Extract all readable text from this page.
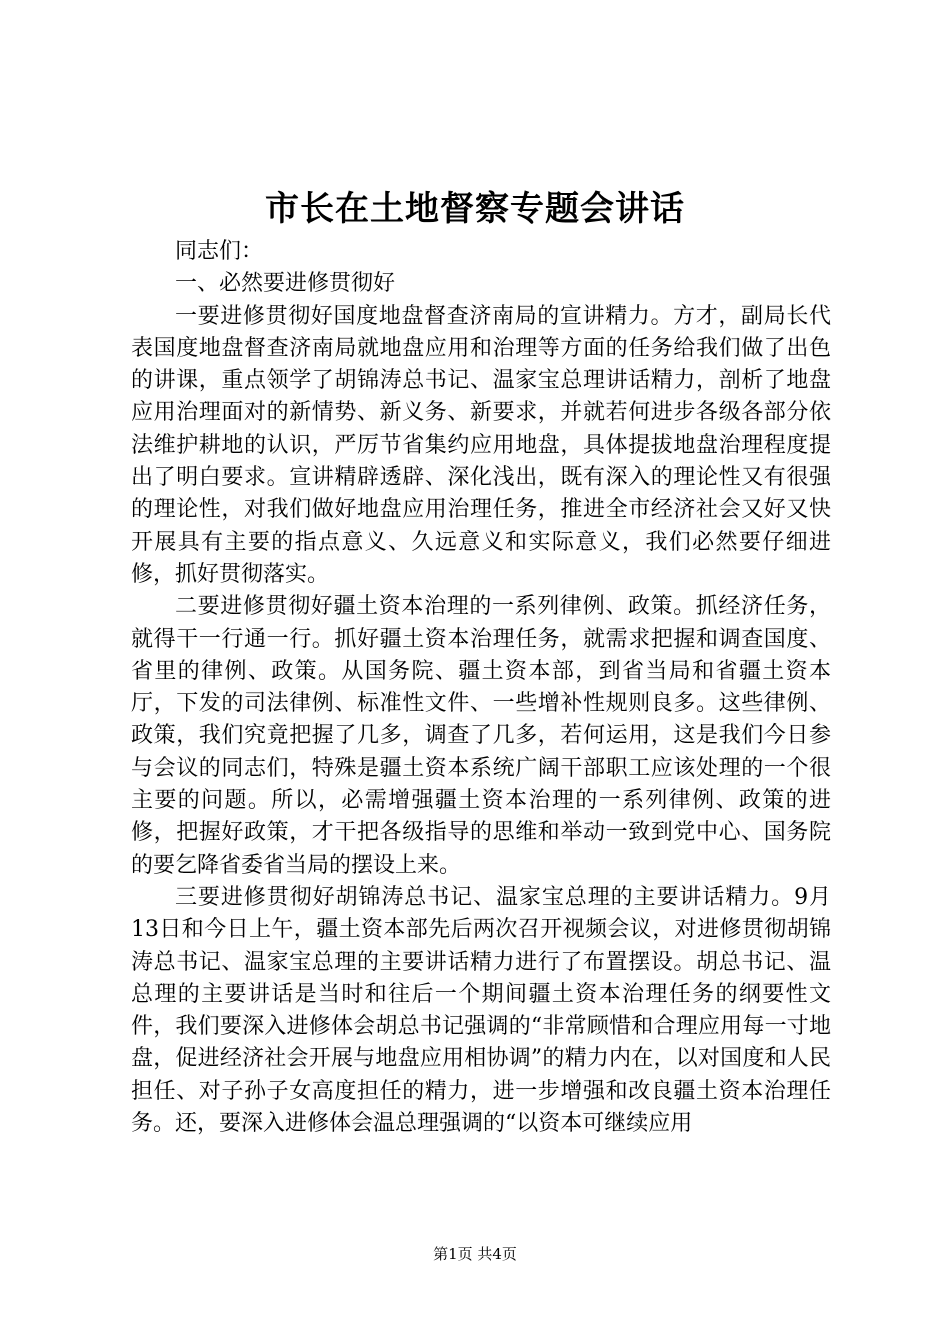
市长在土地督察专题会讲话

同志们：

一、必然要进修贯彻好

一要进修贯彻好国度地盘督查济南局的宣讲精力。方才，副局长代表国度地盘督查济南局就地盘应用和治理等方面的任务给我们做了出色的讲课，重点领学了胡锦涛总书记、温家宝总理讲话精力，剖析了地盘应用治理面对的新情势、新义务、新要求，并就若何进步各级各部分依法维护耕地的认识，严厉节省集约应用地盘，具体提拔地盘治理程度提出了明白要求。宣讲精辟透辟、深化浅出，既有深入的理论性又有很强的理论性，对我们做好地盘应用治理任务，推进全市经济社会又好又快开展具有主要的指点意义、久远意义和实际意义，我们必然要仔细进修，抓好贯彻落实。

二要进修贯彻好疆土资本治理的一系列律例、政策。抓经济任务，就得干一行通一行。抓好疆土资本治理任务，就需求把握和调查国度、省里的律例、政策。从国务院、疆土资本部，到省当局和省疆土资本厅，下发的司法律例、标准性文件、一些增补性规则良多。这些律例、政策，我们究竟把握了几多，调查了几多，若何运用，这是我们今日参与会议的同志们，特殊是疆土资本系统广阔干部职工应该处理的一个很主要的问题。所以，必需增强疆土资本治理的一系列律例、政策的进修，把握好政策，才干把各级指导的思维和举动一致到党中心、国务院的要乞降省委省当局的摆设上来。

三要进修贯彻好胡锦涛总书记、温家宝总理的主要讲话精力。9月13日和今日上午，疆土资本部先后两次召开视频会议，对进修贯彻胡锦涛总书记、温家宝总理的主要讲话精力进行了布置摆设。胡总书记、温总理的主要讲话是当时和往后一个期间疆土资本治理任务的纲要性文件，我们要深入进修体会胡总书记强调的“非常顾惜和合理应用每一寸地盘，促进经济社会开展与地盘应用相协调”的精力内在，以对国度和人民担任、对子孙子女高度担任的精力，进一步增强和改良疆土资本治理任务。还，要深入进修体会温总理强调的“以资本可继续应用

第1页 共4页
